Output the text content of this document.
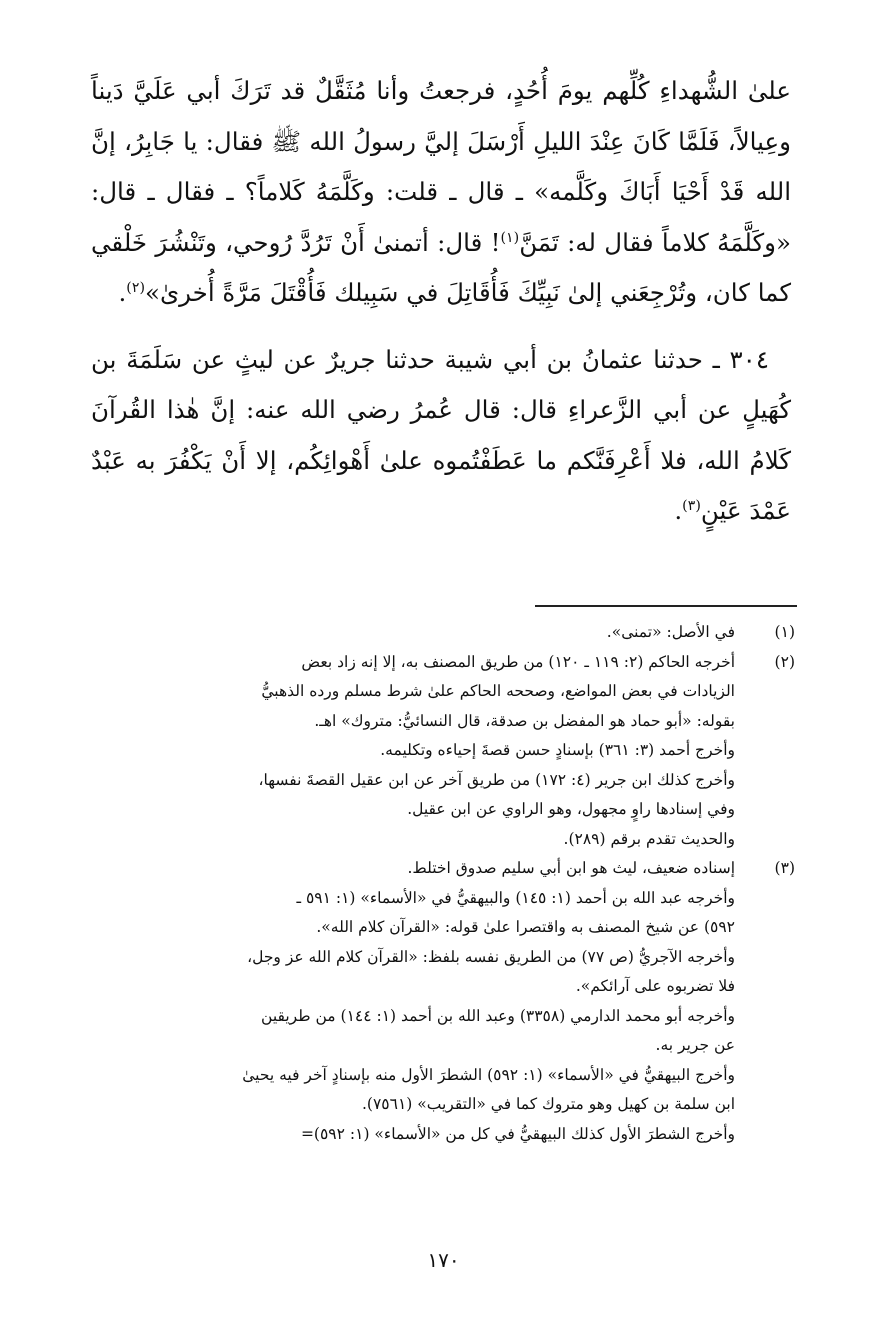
علىٰ الشُّهداءِ كُلِّهم يومَ أُحُدٍ، فرجعتُ وأنا مُثَقَّلٌ قد تَرَكَ أبي عَلَيَّ دَيناً وعِيالاً، فَلَمَّا كَانَ عِنْدَ الليلِ أَرْسَلَ إليَّ رسولُ الله ﷺ فقال: يا جَابِرُ، إنَّ الله قَدْ أَحْيَا أَبَاكَ وكَلَّمه» ـ قال ـ قلت: وكَلَّمَهُ كَلاماً؟ ـ فقال ـ قال: «وكَلَّمَهُ كلاماً فقال له: تَمَنَّ$^{(١)}$! قال: أتمنىٰ أَنْ تَرُدَّ رُوحي، وتَنْشُرَ خَلْقي كما كان، وتُرْجِعَني إلىٰ نَبِيِّكَ فَأُقَاتِلَ في سَبِيلك فَأُقْتَلَ مَرَّةً أُخرىٰ»$^{(٢)}$.

٣٠٤ ـ حدثنا عثمانُ بن أبي شيبة حدثنا جريرٌ عن ليثٍ عن سَلَمَةَ بن كُهَيلٍ عن أبي الزَّعراءِ قال: قال عُمرُ رضي الله عنه: إنَّ هٰذا القُرآنَ كَلامُ الله، فلا أَعْرِفَنَّكم ما عَطَفْتُموه علىٰ أَهْوائِكُم، إلا أَنْ يَكْفُرَ به عَبْدٌ عَمْدَ عَيْنٍ$^{(٣)}$.

(١)
في الأصل: «تمنى».
(٢)
أخرجه الحاكم (٢: ١١٩ ـ ١٢٠) من طريق المصنف به، إلا إنه زاد بعض
الزيادات في بعض المواضع، وصححه الحاكم علىٰ شرط مسلم ورده الذهبيُّ
بقوله: «أبو حماد هو المفضل بن صدقة، قال النسائيُّ: متروك» اهـ.
وأخرج أحمد (٣: ٣٦١) بإسنادٍ حسن قصةَ إحياءه وتكليمه.
وأخرج كذلك ابن جرير (٤: ١٧٢) من طريق آخر عن ابن عقيل القصةَ نفسها،
وفي إسنادها راوٍ مجهول، وهو الراوي عن ابن عقيل.
والحديث تقدم برقم (٢٨٩).
(٣)
إسناده ضعيف، ليث هو ابن أبي سليم صدوق اختلط.
وأخرجه عبد الله بن أحمد (١: ١٤٥) والبيهقيُّ في «الأسماء» (١: ٥٩١ ـ
٥٩٢) عن شيخ المصنف به واقتصرا علىٰ قوله: «القرآن كلام الله».
وأخرجه الآجريُّ (ص ٧٧) من الطريق نفسه بلفظ: «القرآن كلام الله عز وجل،
فلا تضربوه على آرائكم».
وأخرجه أبو محمد الدارمي (٣٣٥٨) وعبد الله بن أحمد (١: ١٤٤) من طريقين
عن جرير به.
وأخرج البيهقيُّ في «الأسماء» (١: ٥٩٢) الشطرَ الأول منه بإسنادٍ آخر فيه يحيىٰ
ابن سلمة بن كهيل وهو متروك كما في «التقريب» (٧٥٦١).
وأخرج الشطرَ الأول كذلك البيهقيُّ في كل من «الأسماء» (١: ٥٩٢)=
١٧٠
